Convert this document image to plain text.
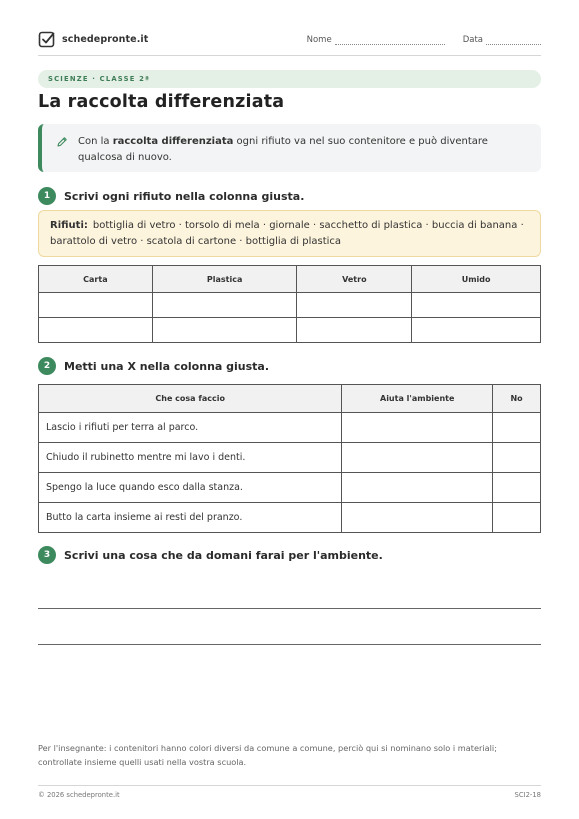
schedepronte.it	Nome	Data
SCIENZE · CLASSE 2ª
La raccolta differenziata
Con la raccolta differenziata ogni rifiuto va nel suo contenitore e può diventare qualcosa di nuovo.
1	Scrivi ogni rifiuto nella colonna giusta.
Rifiuti: bottiglia di vetro · torsolo di mela · giornale · sacchetto di plastica · buccia di banana · barattolo di vetro · scatola di cartone · bottiglia di plastica
Carta	Plastica	Vetro	Umido

2	Metti una X nella colonna giusta.
Che cosa faccio	Aiuta l'ambiente	No
Lascio i rifiuti per terra al parco.		
Chiudo il rubinetto mentre mi lavo i denti.		
Spengo la luce quando esco dalla stanza.		
Butto la carta insieme ai resti del pranzo.		
3	Scrivi una cosa che da domani farai per l'ambiente.
Per l'insegnante: i contenitori hanno colori diversi da comune a comune, perciò qui si nominano solo i materiali; controllate insieme quelli usati nella vostra scuola.
© 2026 schedepronte.it	SCI2-18
